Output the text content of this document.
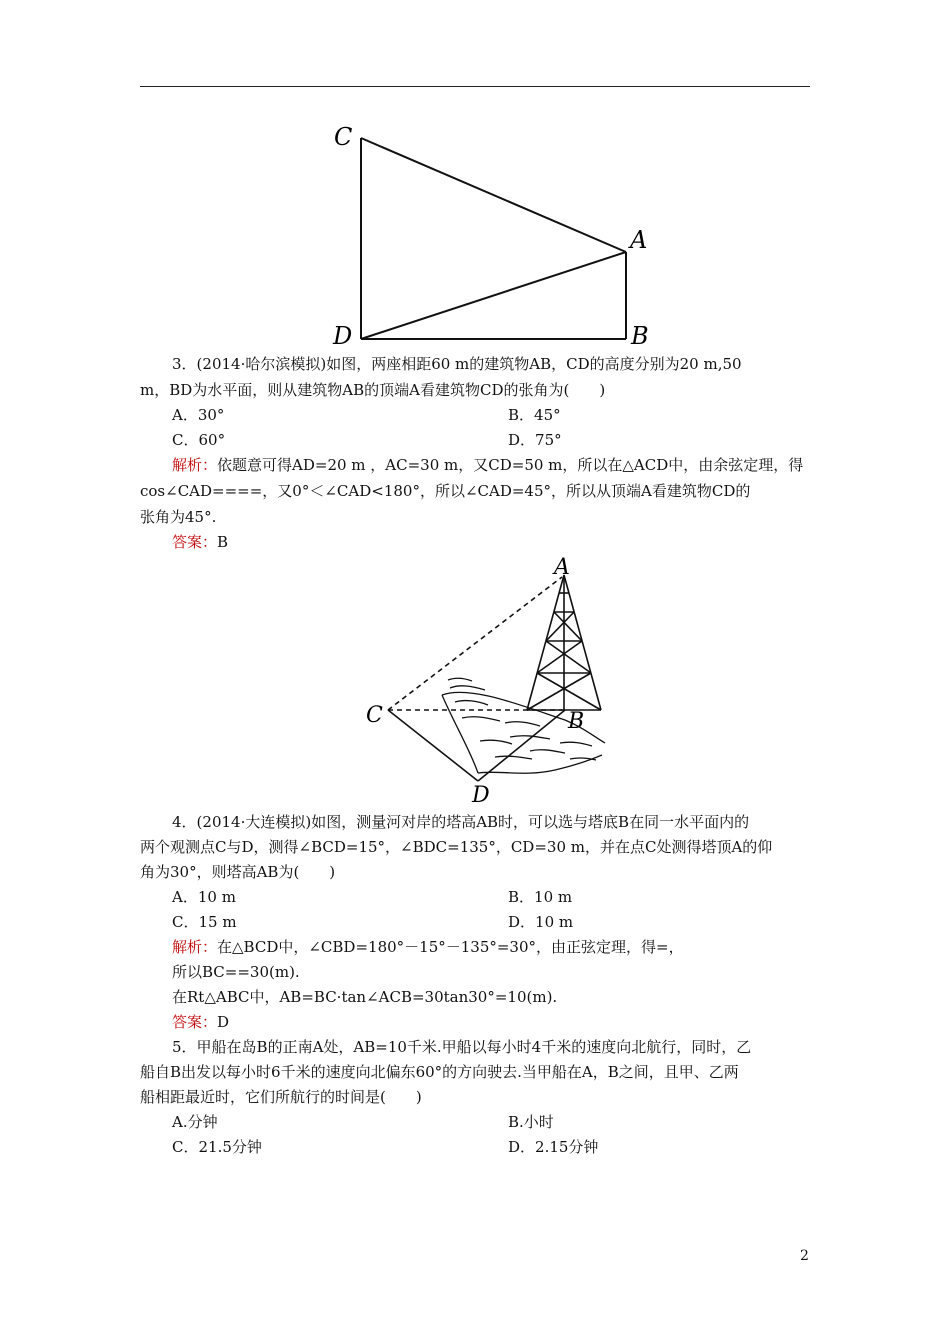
C
A
D	B
3．(2014·哈尔滨模拟)如图，两座相距60 m的建筑物AB，CD的高度分别为20 m,50
m，BD为水平面，则从建筑物AB的顶端A看建筑物CD的张角为(　　)
A．30°	B．45°
C．60°	D．75°
解析：依题意可得AD=20 m ，AC=30 m，又CD=50 m，所以在△ACD中，由余弦定理，得
cos∠CAD====，又0°＜∠CAD<180°，所以∠CAD=45°，所以从顶端A看建筑物CD的
张角为45°.
答案：B
A
C	B
D
4．(2014·大连模拟)如图，测量河对岸的塔高AB时，可以选与塔底B在同一水平面内的
两个观测点C与D，测得∠BCD=15°，∠BDC=135°，CD=30 m，并在点C处测得塔顶A的仰
角为30°，则塔高AB为(　　)
A．10 m	B．10 m
C．15 m	D．10 m
解析：在△BCD中，∠CBD=180°－15°－135°=30°，由正弦定理，得=，
所以BC==30(m).
在Rt△ABC中，AB=BC·tan∠ACB=30tan30°=10(m).
答案：D
5．甲船在岛B的正南A处，AB=10千米.甲船以每小时4千米的速度向北航行，同时，乙
船自B出发以每小时6千米的速度向北偏东60°的方向驶去.当甲船在A，B之间，且甲、乙两
船相距最近时，它们所航行的时间是(　　)
A.分钟	B.小时
C．21.5分钟	D．2.15分钟
2
